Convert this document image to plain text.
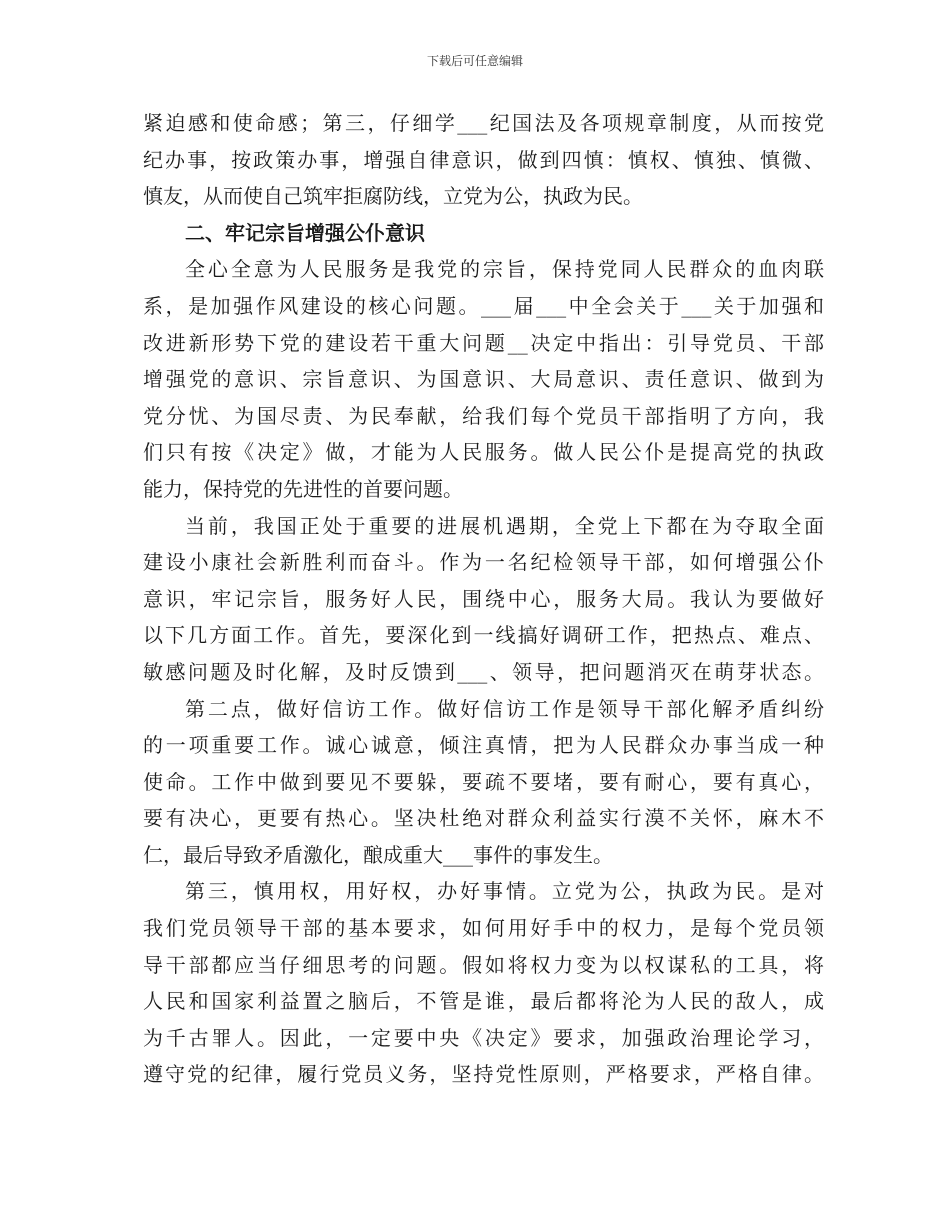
下载后可任意编辑
紧迫感和使命感；第三，仔细学___纪国法及各项规章制度，从而按党
纪办事，按政策办事，增强自律意识，做到四慎：慎权、慎独、慎微、
慎友，从而使自己筑牢拒腐防线，立党为公，执政为民。
二、牢记宗旨增强公仆意识
全心全意为人民服务是我党的宗旨，保持党同人民群众的血肉联
系，是加强作风建设的核心问题。___届___中全会关于___关于加强和
改进新形势下党的建设若干重大问题__决定中指出：引导党员、干部
增强党的意识、宗旨意识、为国意识、大局意识、责任意识、做到为
党分忧、为国尽责、为民奉献，给我们每个党员干部指明了方向，我
们只有按《决定》做，才能为人民服务。做人民公仆是提高党的执政
能力，保持党的先进性的首要问题。
当前，我国正处于重要的进展机遇期，全党上下都在为夺取全面
建设小康社会新胜利而奋斗。作为一名纪检领导干部，如何增强公仆
意识，牢记宗旨，服务好人民，围绕中心，服务大局。我认为要做好
以下几方面工作。首先，要深化到一线搞好调研工作，把热点、难点、
敏感问题及时化解，及时反馈到___、领导，把问题消灭在萌芽状态。
第二点，做好信访工作。做好信访工作是领导干部化解矛盾纠纷
的一项重要工作。诚心诚意，倾注真情，把为人民群众办事当成一种
使命。工作中做到要见不要躲，要疏不要堵，要有耐心，要有真心，
要有决心，更要有热心。坚决杜绝对群众利益实行漠不关怀，麻木不
仁，最后导致矛盾激化，酿成重大___事件的事发生。
第三，慎用权，用好权，办好事情。立党为公，执政为民。是对
我们党员领导干部的基本要求，如何用好手中的权力，是每个党员领
导干部都应当仔细思考的问题。假如将权力变为以权谋私的工具，将
人民和国家利益置之脑后，不管是谁，最后都将沦为人民的敌人，成
为千古罪人。因此，一定要中央《决定》要求，加强政治理论学习，
遵守党的纪律，履行党员义务，坚持党性原则，严格要求，严格自律。
